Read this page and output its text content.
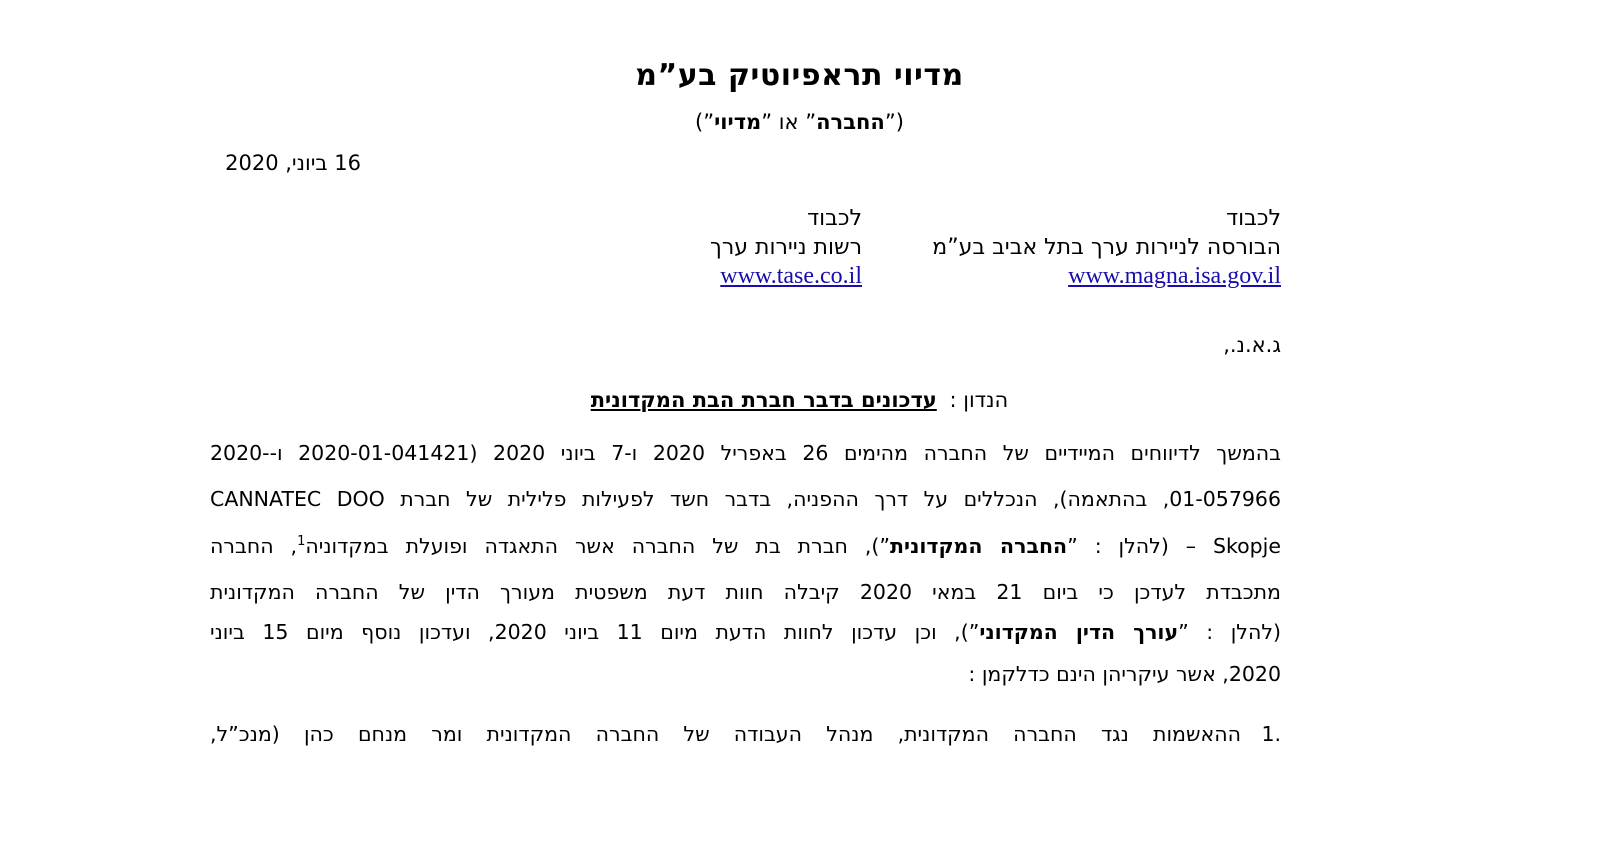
מדיוי תראפיוטיק בע”מ
(”החברה” או ”מדיוי”)
16 ביוני, 2020
לכבוד
הבורסה לניירות ערך בתל אביב בע”מ
www.magna.isa.gov.il
לכבוד
רשות ניירות ערך
www.tase.co.il
ג.א.נ.,
הנדון : עדכונים בדבר חברת הבת המקדונית
בהמשך לדיווחים המיידיים של החברה מהימים 26 באפריל 2020 ו-7 ביוני 2020 (2020-01-041421 ו--2020
01-057966, בהתאמה), הנכללים על דרך ההפניה, בדבר חשד לפעילות פלילית של חברת CANNATEC DOO
Skopje – (להלן : ”החברה המקדונית”), חברת בת של החברה אשר התאגדה ופועלת במקדוניה$^1$, החברה
מתכבדת לעדכן כי ביום 21 במאי 2020 קיבלה חוות דעת משפטית מעורך הדין של החברה המקדונית
(להלן : ”עורך הדין המקדוני”), וכן עדכון לחוות הדעת מיום 11 ביוני 2020, ועדכון נוסף מיום 15 ביוני
2020, אשר עיקריהן הינם כדלקמן :
1.
ההאשמות נגד החברה המקדונית, מנהל העבודה של החברה המקדונית ומר מנחם כהן (מנכ”ל,
